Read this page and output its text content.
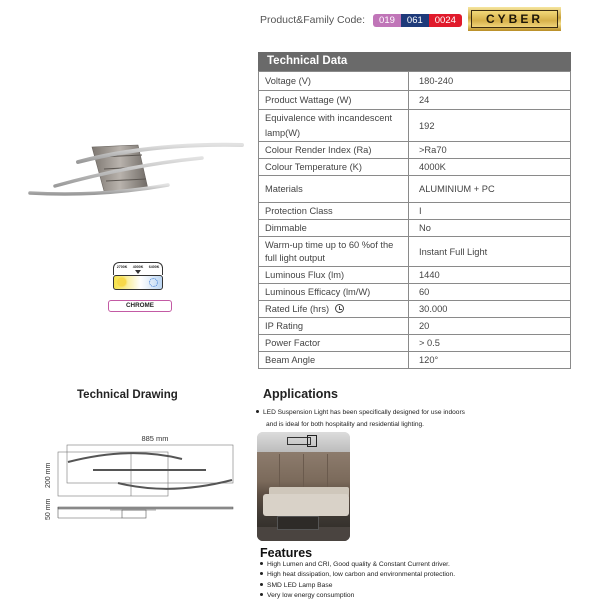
Product&Family Code:	019	061	0024	CYBER
2700K 4000K 6400K
CHROME
Technical Data
Voltage (V)	180-240
Product Wattage (W)	24
Equivalence with incandescent lamp(W)	192
Colour Render Index (Ra)	>Ra70
Colour Temperature (K)	4000K
Materials	ALUMINIUM + PC
Protection Class	I
Dimmable	No
Warm-up time up to 60 %of the full light output	Instant Full Light
Luminous Flux (lm)	1440
Luminous Efficacy (lm/W)	60
Rated Life (hrs)	30.000
IP Rating	20
Power Factor	> 0.5
Beam Angle	120°
Technical Drawing
885 mm
200 mm
50 mm
Applications
LED Suspension Light has been specifically designed for use indoors
and is ideal for both hospitality and residential lighting.
Features
High Lumen and CRI, Good quality & Constant Current driver.
High heat dissipation, low carbon and environmental protection.
SMD LED Lamp Base
Very low energy consumption
